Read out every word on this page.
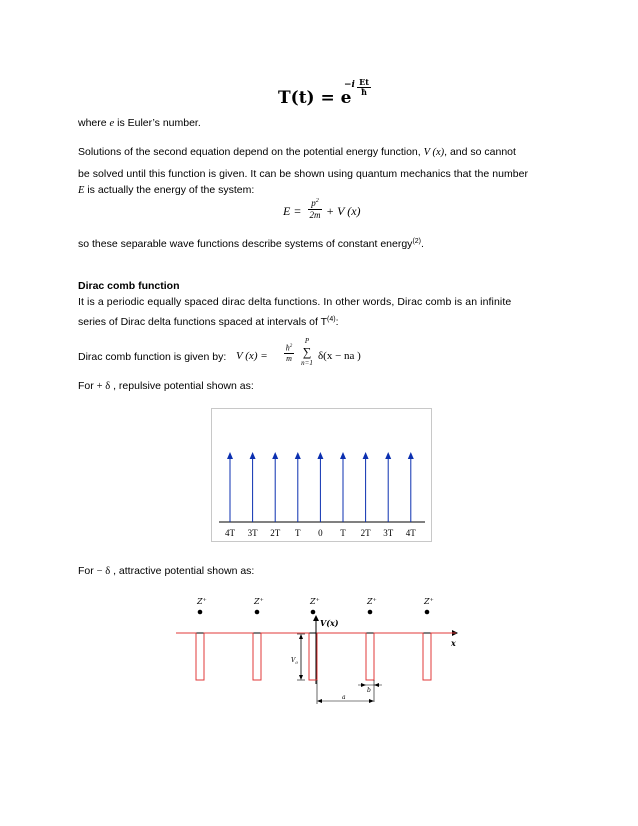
T(t) = e
$-i \frac{Et}{ħ}$
where e is Euler’s number.
Solutions of the second equation depend on the potential energy function, V (x), and so cannot
be solved until this function is given. It can be shown using quantum mechanics that the number
E is actually the energy of the system:
$E = \frac{p^2}{2m} + V$ (x)
so these separable wave functions describe systems of constant energy$^{(2)}$.
Dirac comb function
It is a periodic equally spaced dirac delta functions. In other words, Dirac comb is an infinite
series of Dirac delta functions spaced at intervals of $T^{(4)}$:
Dirac comb function is given by: V $(x) = \frac{ħ^2}{m}$
P
∑
n=1
δ(x − na )
For + δ , repulsive potential shown as:
4T 3T 2T T 0 T 2T 3T 4T
For − δ , attractive potential shown as:
Z+	Z+	Z+	Z+	Z+
x
V(x)
$V_0$
b
a
